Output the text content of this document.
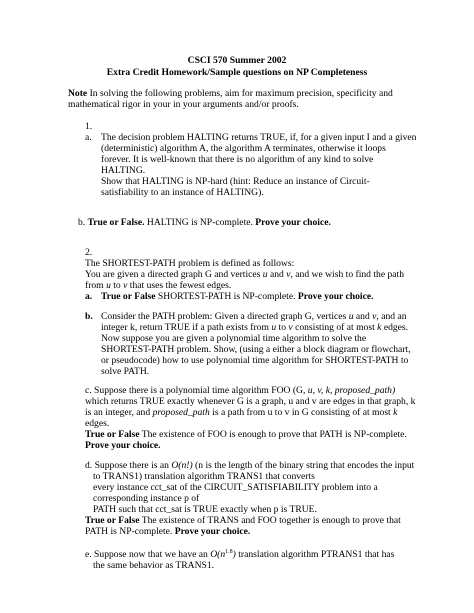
CSCI 570 Summer 2002
Extra Credit Homework/Sample questions on NP Completeness
Note In solving the following problems, aim for maximum precision, specificity and
mathematical rigor in your in your arguments and/or proofs.
1.
a. The decision problem HALTING returns TRUE, if, for a given input I and a given
(deterministic) algorithm A, the algorithm A terminates, otherwise it loops
forever. It is well-known that there is no algorithm of any kind to solve
HALTING.
Show that HALTING is NP-hard (hint: Reduce an instance of Circuit-
satisfiability to an instance of HALTING).
b. True or False. HALTING is NP-complete. Prove your choice.
2.
The SHORTEST-PATH problem is defined as follows:
You are given a directed graph G and vertices u and v, and we wish to find the path
from u to v that uses the fewest edges.
a. True or False SHORTEST-PATH is NP-complete. Prove your choice.
b. Consider the PATH problem: Given a directed graph G, vertices u and v, and an
integer k, return TRUE if a path exists from u to v consisting of at most k edges.
Now suppose you are given a polynomial time algorithm to solve the
SHORTEST-PATH problem. Show, (using a either a block diagram or flowchart,
or pseudocode) how to use polynomial time algorithm for SHORTEST-PATH to
solve PATH.
c. Suppose there is a polynomial time algorithm FOO (G, u, v, k, proposed_path)
which returns TRUE exactly whenever G is a graph, u and v are edges in that graph, k
is an integer, and proposed_path is a path from u to v in G consisting of at most k
edges.
True or False The existence of FOO is enough to prove that PATH is NP-complete.
Prove your choice.
d. Suppose there is an O(n!) (n is the length of the binary string that encodes the input
to TRANS1) translation algorithm TRANS1 that converts
every instance cct_sat of the CIRCUIT_SATISFIABILITY problem into a
corresponding instance p of
PATH such that cct_sat is TRUE exactly when p is TRUE.
True or False The existence of TRANS and FOO together is enough to prove that
PATH is NP-complete. Prove your choice.
e. Suppose now that we have an $O(n^{1.8})$ translation algorithm PTRANS1 that has
the same behavior as TRANS1.
